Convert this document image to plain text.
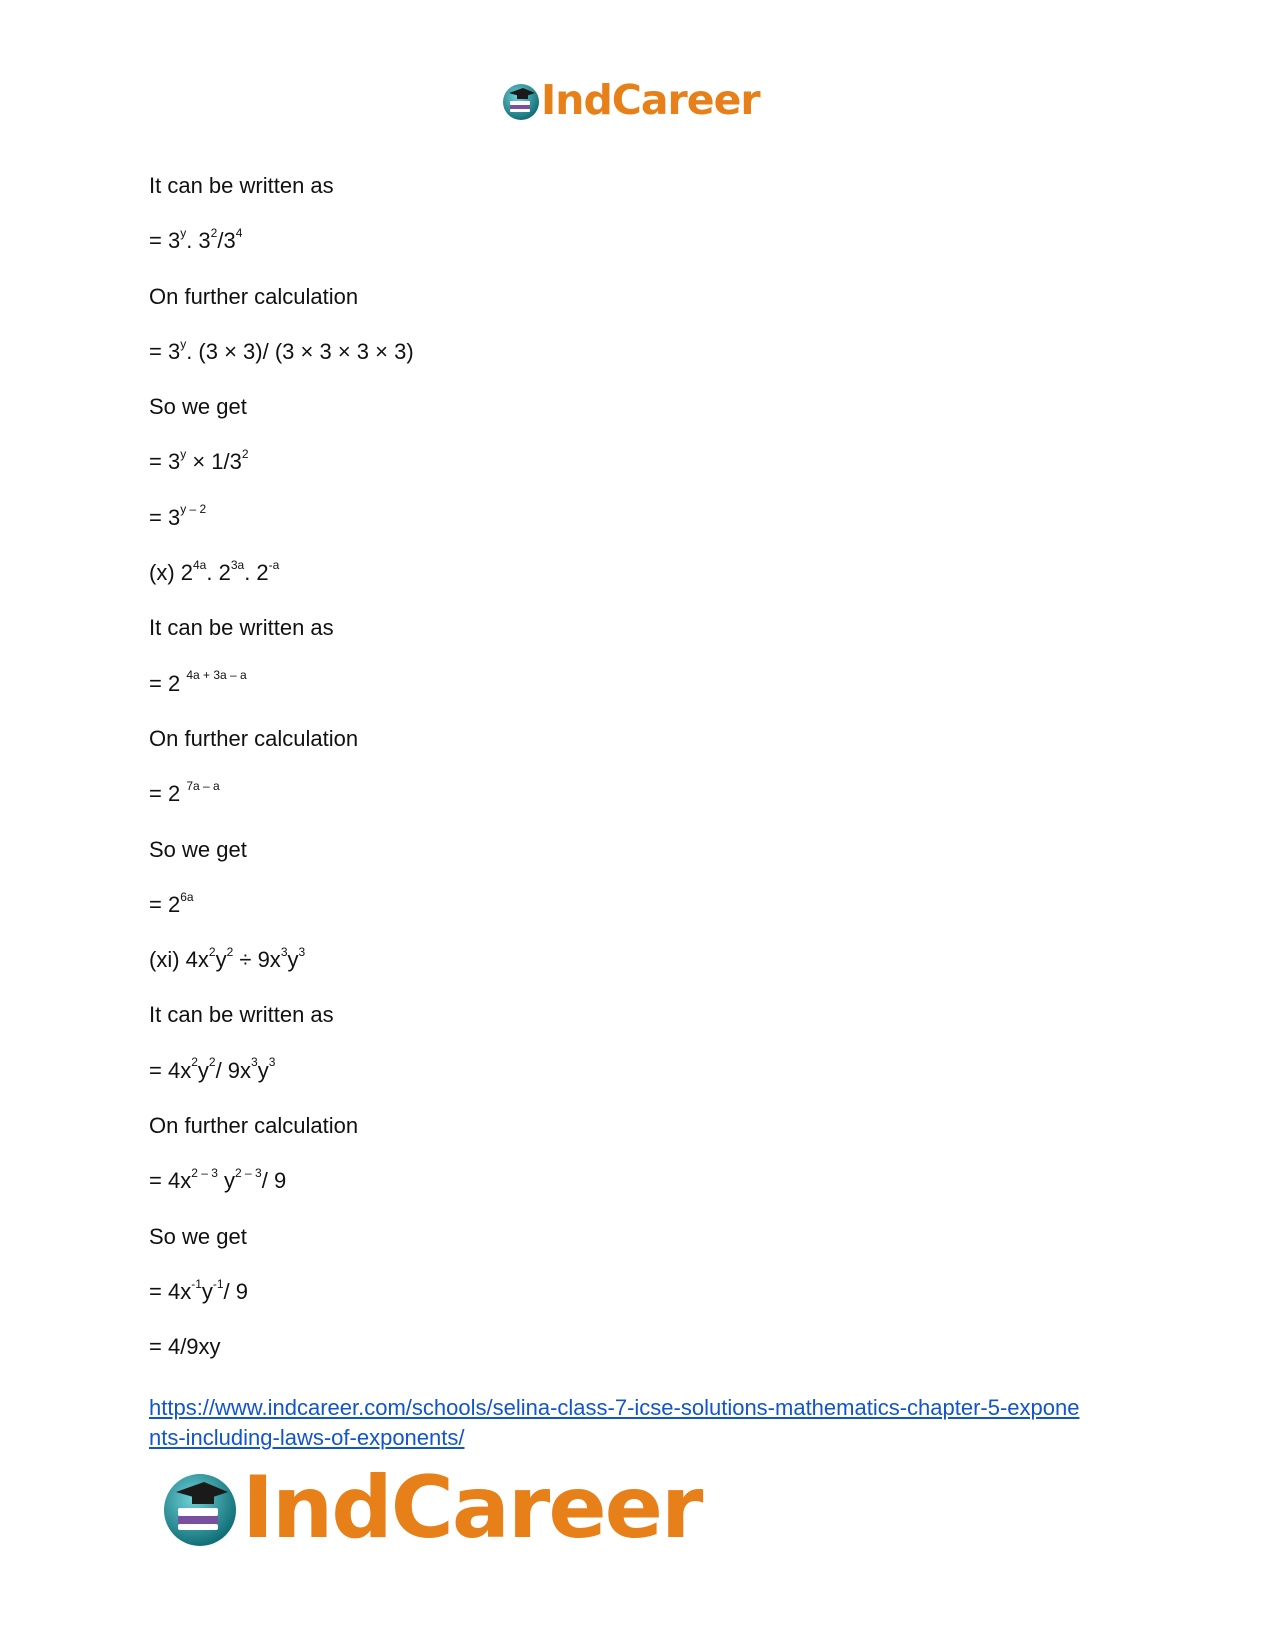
IndCareer
It can be written as
= $3^y$. $3^2/3^4$
On further calculation
= $3^y$. (3 × 3)/ (3 × 3 × 3 × 3)
So we get
= $3^y \times 1/3^2$
= $3^{y - 2}$
(x) $2^{4a}$. $2^{3a}$. $2^{-a}$
It can be written as
= 2 $^{4a + 3a - a}$
On further calculation
= 2 $^{7a - a}$
So we get
= $2^{6a}$
(xi) $4x^2y^2 \div 9x^3y^3$
It can be written as
= $4x^2y^2/$ $9x^3y^3$
On further calculation
= $4x^{2 - 3}$ $y^{2 - 3}/$ 9
So we get
= $4x^{-1}y^{-1}/$ 9
= 4/9xy
https://www.indcareer.com/schools/selina-class-7-icse-solutions-mathematics-chapter-5-expone
nts-including-laws-of-exponents/
IndCareer
